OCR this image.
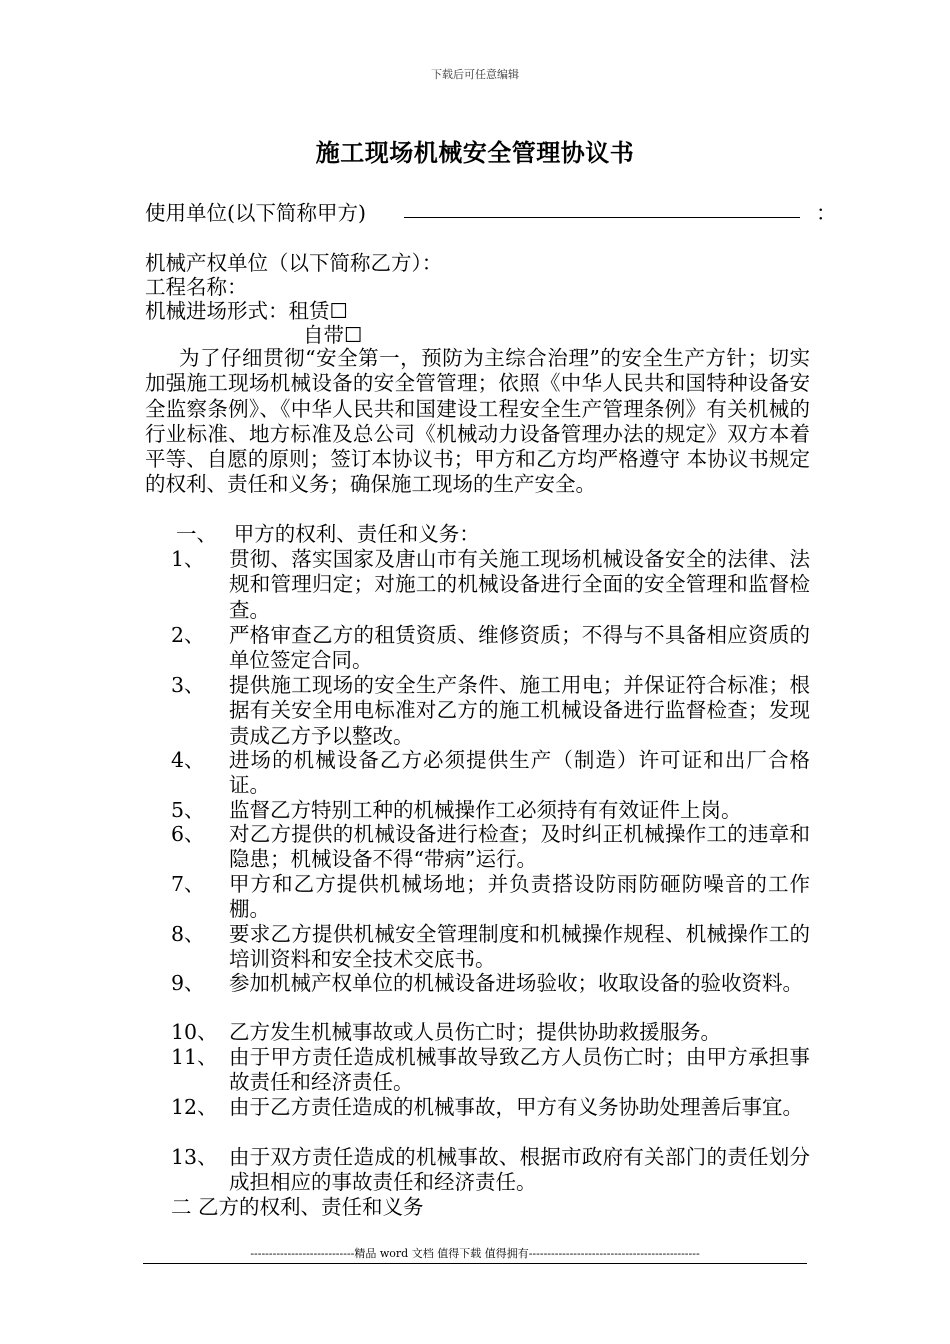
下载后可任意编辑
施工现场机械安全管理协议书
使用单位(以下简称甲方)	：
机械产权单位（以下简称乙方）：
工程名称：
机械进场形式：租赁☐
自带☐
为了仔细贯彻“安全第一，预防为主综合治理”的安全生产方针；切实加强施工现场机械设备的安全管管理；依照《中华人民共和国特种设备安全监察条例》、《中华人民共和国建设工程安全生产管理条例》有关机械的行业标准、地方标准及总公司《机械动力设备管理办法的规定》双方本着平等、自愿的原则；签订本协议书；甲方和乙方均严格遵守 本协议书规定的权利、责任和义务；确保施工现场的生产安全。
一、　 甲方的权利、责任和义务：
1、 贯彻、落实国家及唐山市有关施工现场机械设备安全的法律、法规和管理归定；对施工的机械设备进行全面的安全管理和监督检查。
2、 严格审查乙方的租赁资质、维修资质；不得与不具备相应资质的单位签定合同。
3、 提供施工现场的安全生产条件、施工用电；并保证符合标准；根据有关安全用电标准对乙方的施工机械设备进行监督检查；发现责成乙方予以整改。
4、 进场的机械设备乙方必须提供生产（制造）许可证和出厂合格证。
5、 监督乙方特别工种的机械操作工必须持有有效证件上岗。
6、 对乙方提供的机械设备进行检查；及时纠正机械操作工的违章和隐患；机械设备不得“带病”运行。
7、 甲方和乙方提供机械场地；并负责搭设防雨防砸防噪音的工作棚。
8、 要求乙方提供机械安全管理制度和机械操作规程、机械操作工的培训资料和安全技术交底书。
9、 参加机械产权单位的机械设备进场验收；收取设备的验收资料。
10、 乙方发生机械事故或人员伤亡时；提供协助救援服务。
11、 由于甲方责任造成机械事故导致乙方人员伤亡时；由甲方承担事故责任和经济责任。
12、 由于乙方责任造成的机械事故，甲方有义务协助处理善后事宜。
13、 由于双方责任造成的机械事故、根据市政府有关部门的责任划分成担相应的事故责任和经济责任。
二 乙方的权利、责任和义务
----------------------------精品 word 文档 值得下载 值得拥有----------------------------------------------
